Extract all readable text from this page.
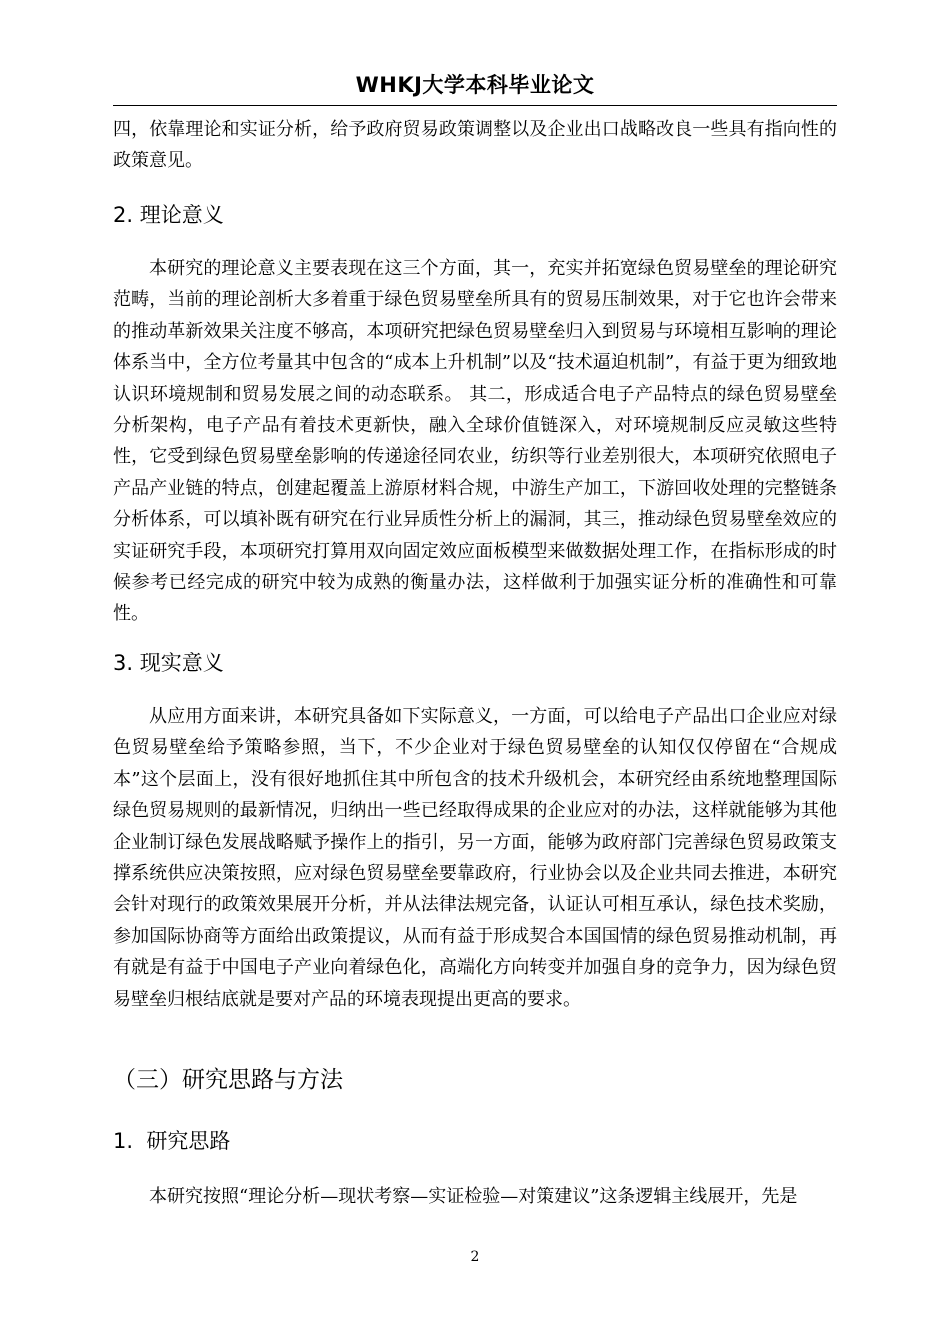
WHKJ大学本科毕业论文
四，依靠理论和实证分析，给予政府贸易政策调整以及企业出口战略改良一些具有指向性的政策意见。
2. 理论意义
本研究的理论意义主要表现在这三个方面，其一，充实并拓宽绿色贸易壁垒的理论研究范畴，当前的理论剖析大多着重于绿色贸易壁垒所具有的贸易压制效果，对于它也许会带来的推动革新效果关注度不够高，本项研究把绿色贸易壁垒归入到贸易与环境相互影响的理论体系当中，全方位考量其中包含的“成本上升机制”以及“技术逼迫机制”，有益于更为细致地认识环境规制和贸易发展之间的动态联系。 其二，形成适合电子产品特点的绿色贸易壁垒分析架构，电子产品有着技术更新快，融入全球价值链深入，对环境规制反应灵敏这些特性，它受到绿色贸易壁垒影响的传递途径同农业，纺织等行业差别很大，本项研究依照电子产品产业链的特点，创建起覆盖上游原材料合规，中游生产加工，下游回收处理的完整链条分析体系，可以填补既有研究在行业异质性分析上的漏洞，其三，推动绿色贸易壁垒效应的实证研究手段，本项研究打算用双向固定效应面板模型来做数据处理工作，在指标形成的时候参考已经完成的研究中较为成熟的衡量办法，这样做利于加强实证分析的准确性和可靠性。
3. 现实意义
从应用方面来讲，本研究具备如下实际意义，一方面，可以给电子产品出口企业应对绿色贸易壁垒给予策略参照，当下，不少企业对于绿色贸易壁垒的认知仅仅停留在“合规成本”这个层面上，没有很好地抓住其中所包含的技术升级机会，本研究经由系统地整理国际绿色贸易规则的最新情况，归纳出一些已经取得成果的企业应对的办法，这样就能够为其他企业制订绿色发展战略赋予操作上的指引，另一方面，能够为政府部门完善绿色贸易政策支撑系统供应决策按照，应对绿色贸易壁垒要靠政府，行业协会以及企业共同去推进，本研究会针对现行的政策效果展开分析，并从法律法规完备，认证认可相互承认，绿色技术奖励，参加国际协商等方面给出政策提议，从而有益于形成契合本国国情的绿色贸易推动机制，再有就是有益于中国电子产业向着绿色化，高端化方向转变并加强自身的竞争力，因为绿色贸易壁垒归根结底就是要对产品的环境表现提出更高的要求。
（三）研究思路与方法
1.  研究思路
本研究按照“理论分析—现状考察—实证检验—对策建议”这条逻辑主线展开，先是
2
